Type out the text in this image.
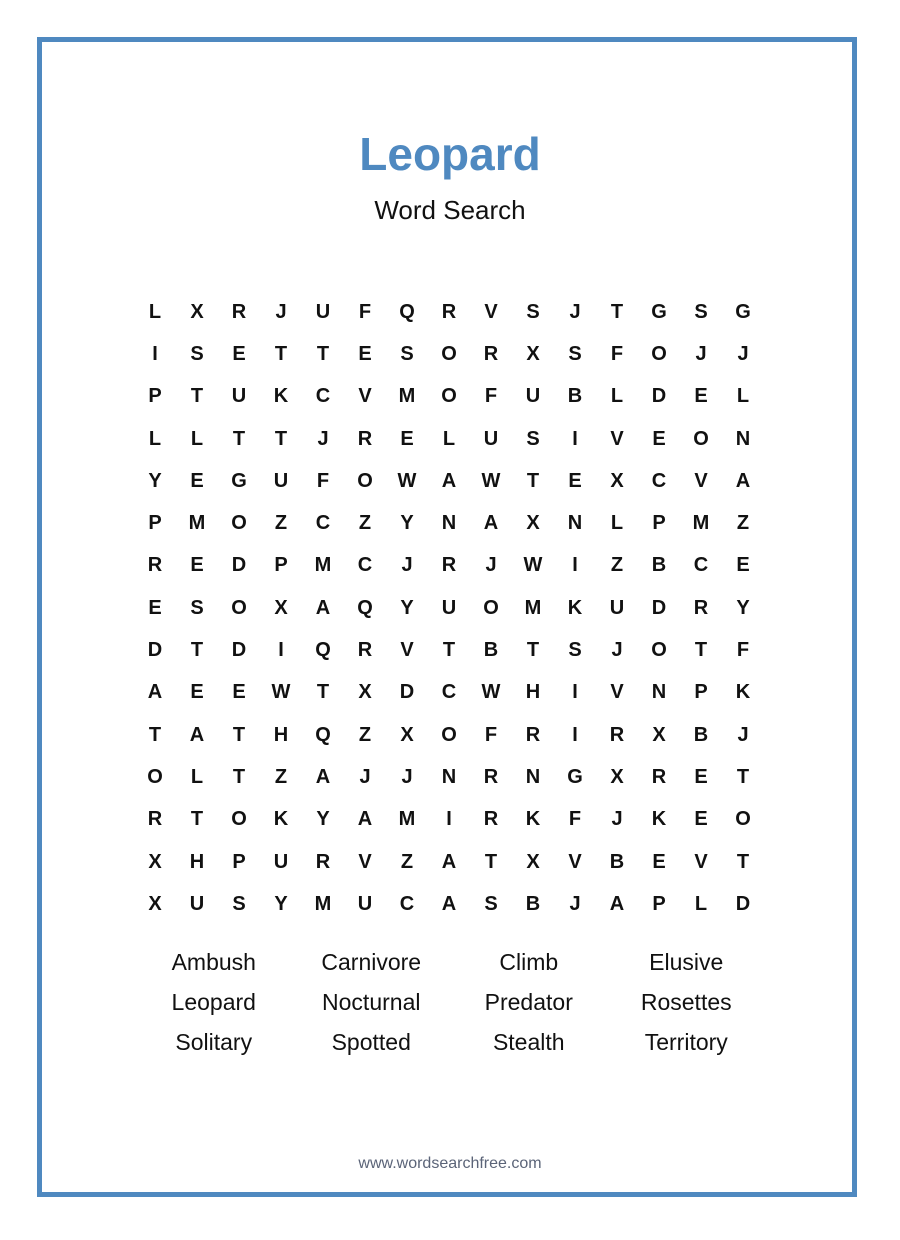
Leopard
Word Search
L	X	R	J	U	F	Q	R	V	S	J	T	G	S	G
I	S	E	T	T	E	S	O	R	X	S	F	O	J	J
P	T	U	K	C	V	M	O	F	U	B	L	D	E	L
L	L	T	T	J	R	E	L	U	S	I	V	E	O	N
Y	E	G	U	F	O	W	A	W	T	E	X	C	V	A
P	M	O	Z	C	Z	Y	N	A	X	N	L	P	M	Z
R	E	D	P	M	C	J	R	J	W	I	Z	B	C	E
E	S	O	X	A	Q	Y	U	O	M	K	U	D	R	Y
D	T	D	I	Q	R	V	T	B	T	S	J	O	T	F
A	E	E	W	T	X	D	C	W	H	I	V	N	P	K
T	A	T	H	Q	Z	X	O	F	R	I	R	X	B	J
O	L	T	Z	A	J	J	N	R	N	G	X	R	E	T
R	T	O	K	Y	A	M	I	R	K	F	J	K	E	O
X	H	P	U	R	V	Z	A	T	X	V	B	E	V	T
X	U	S	Y	M	U	C	A	S	B	J	A	P	L	D
Ambush	Carnivore	Climb	Elusive
Leopard	Nocturnal	Predator	Rosettes
Solitary	Spotted	Stealth	Territory
www.wordsearchfree.com
